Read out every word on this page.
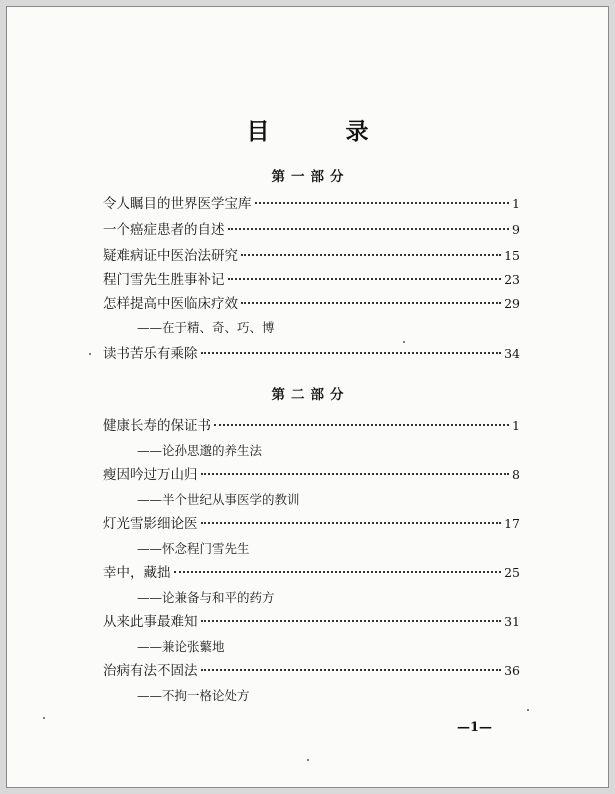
目 录
第一部分
令人瞩目的世界医学宝库	1
一个癌症患者的自述	9
疑难病证中医治法研究	15
程门雪先生胜事补记	23
怎样提高中医临床疗效	29
——在于精、奇、巧、博
读书苦乐有乘除	34
第二部分
健康长寿的保证书	1
——论孙思邈的养生法
瘦因吟过万山归	8
——半个世纪从事医学的教训
灯光雪影细论医	17
——怀念程门雪先生
幸中，藏拙	25
——论兼备与和平的药方
从来此事最难知	31
——兼论张蘩地
治病有法不固法	36
——不拘一格论处方
—1—
